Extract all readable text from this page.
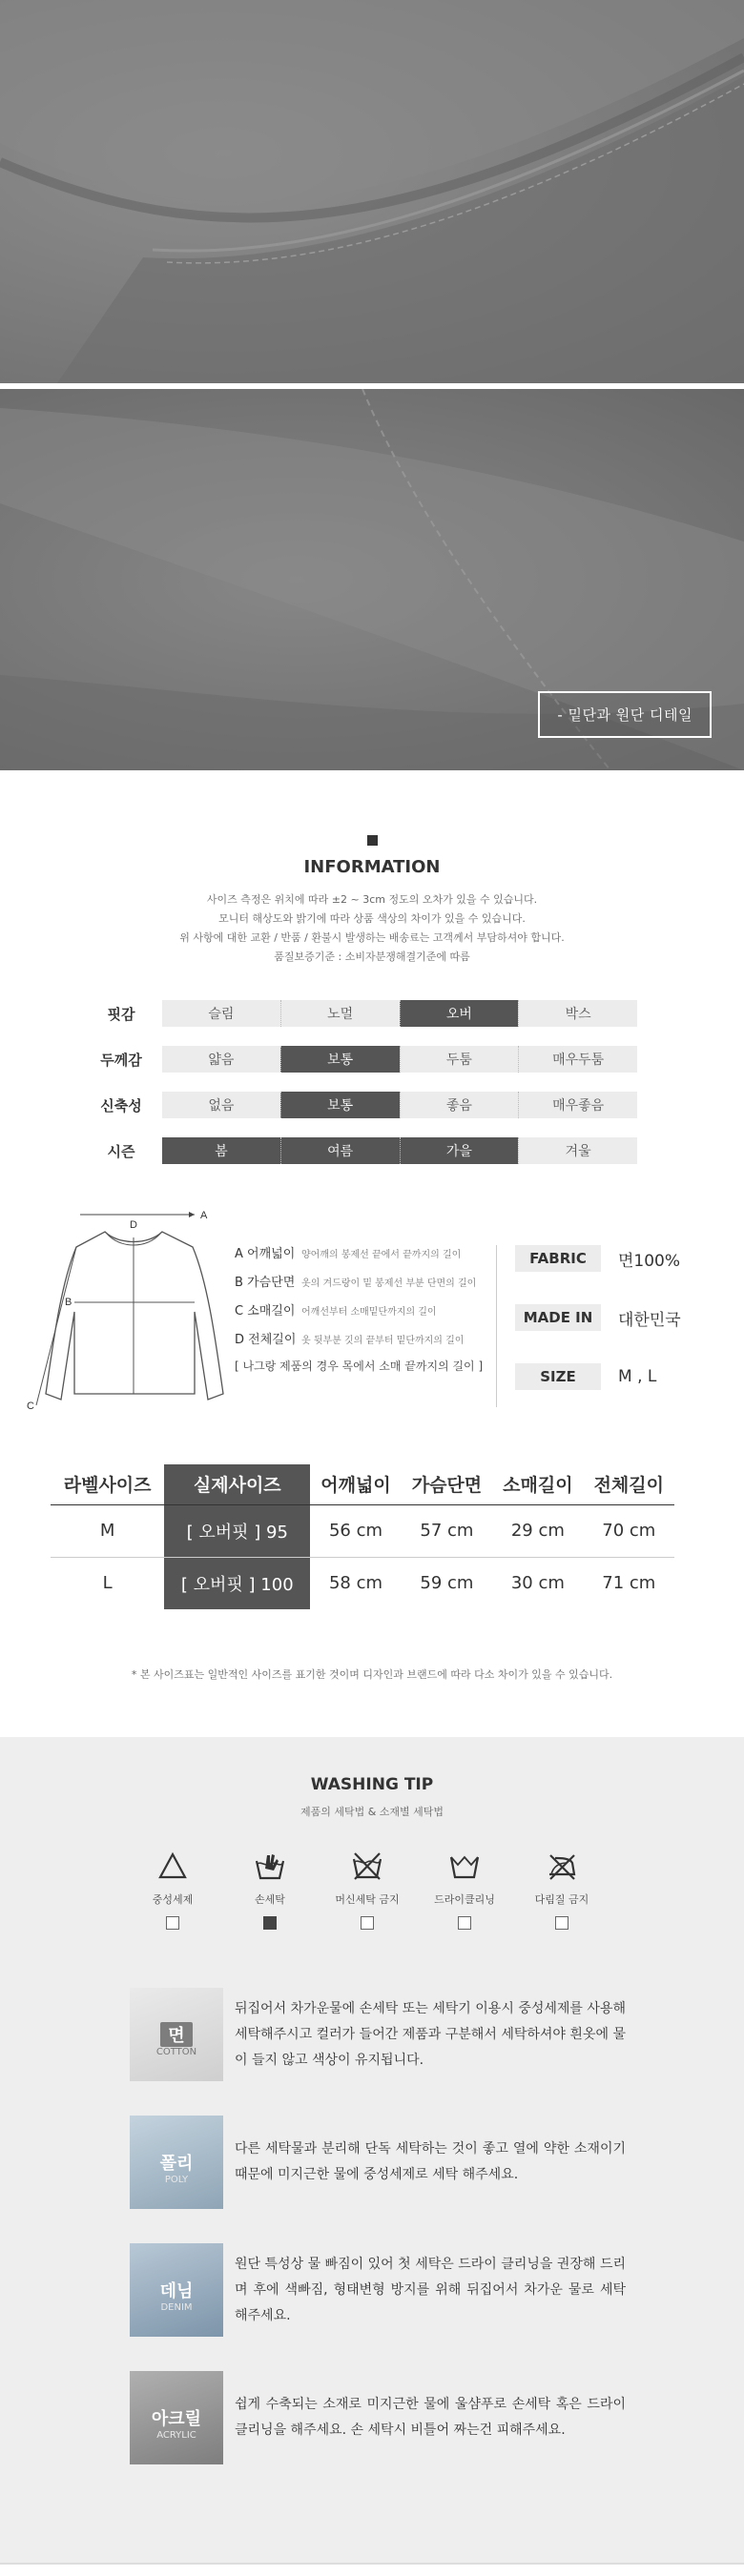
- 밑단과 원단 디테일
INFORMATION

사이즈 측정은 위치에 따라 ±2 ~ 3cm 정도의 오차가 있을 수 있습니다.

모니터 해상도와 밝기에 따라 상품 색상의 차이가 있을 수 있습니다.

위 사항에 대한 교환 / 반품 / 환불시 발생하는 배송료는 고객께서 부담하셔야 합니다.

품질보증기준 : 소비자분쟁해결기준에 따름

핏감	슬림	노멀	오버	박스
두께감	얇음	보통	두툼	매우두툼
신축성	없음	보통	좋음	매우좋음
시즌	봄	여름	가을	겨울
A
D
B
C
A 어깨넓이 양어깨의 봉제선 끝에서 끝까지의 길이
B 가슴단면 옷의 겨드랑이 밑 봉제선 부분 단면의 길이
C 소매길이 어깨선부터 소매밑단까지의 길이
D 전체길이 옷 뒷부분 깃의 끝부터 밑단까지의 길이
[ 나그랑 제품의 경우 목에서 소매 끝까지의 길이 ]
FABRIC	면100%
MADE IN	대한민국
SIZE	M , L
라벨사이즈	실제사이즈	어깨넓이	가슴단면	소매길이	전체길이
M	[ 오버핏 ] 95	56 cm	57 cm	29 cm	70 cm
L	[ 오버핏 ] 100	58 cm	59 cm	30 cm	71 cm

* 본 사이즈표는 일반적인 사이즈를 표기한 것이며 디자인과 브랜드에 따라 다소 차이가 있을 수 있습니다.

WASHING TIP

제품의 세탁법 & 소재별 세탁법

중성세제	손세탁	머신세탁 금지	드라이클리닝	다림질 금지
면
COTTON
뒤집어서 차가운물에 손세탁 또는 세탁기 이용시 중성세제를 사용해 세탁해주시고 컬러가 들어간 제품과 구분해서 세탁하셔야 흰옷에 물이 들지 않고 색상이 유지됩니다.
폴리
POLY
다른 세탁물과 분리해 단독 세탁하는 것이 좋고 열에 약한 소재이기 때문에 미지근한 물에 중성세제로 세탁 해주세요.
데님
DENIM
원단 특성상 물 빠짐이 있어 첫 세탁은 드라이 클리닝을 권장해 드리며 후에 색빠짐, 형태변형 방지를 위해 뒤집어서 차가운 물로 세탁 해주세요.
아크릴
ACRYLIC
쉽게 수축되는 소재로 미지근한 물에 울샴푸로 손세탁 혹은 드라이 클리닝을 해주세요. 손 세탁시 비틀어 짜는건 피해주세요.
